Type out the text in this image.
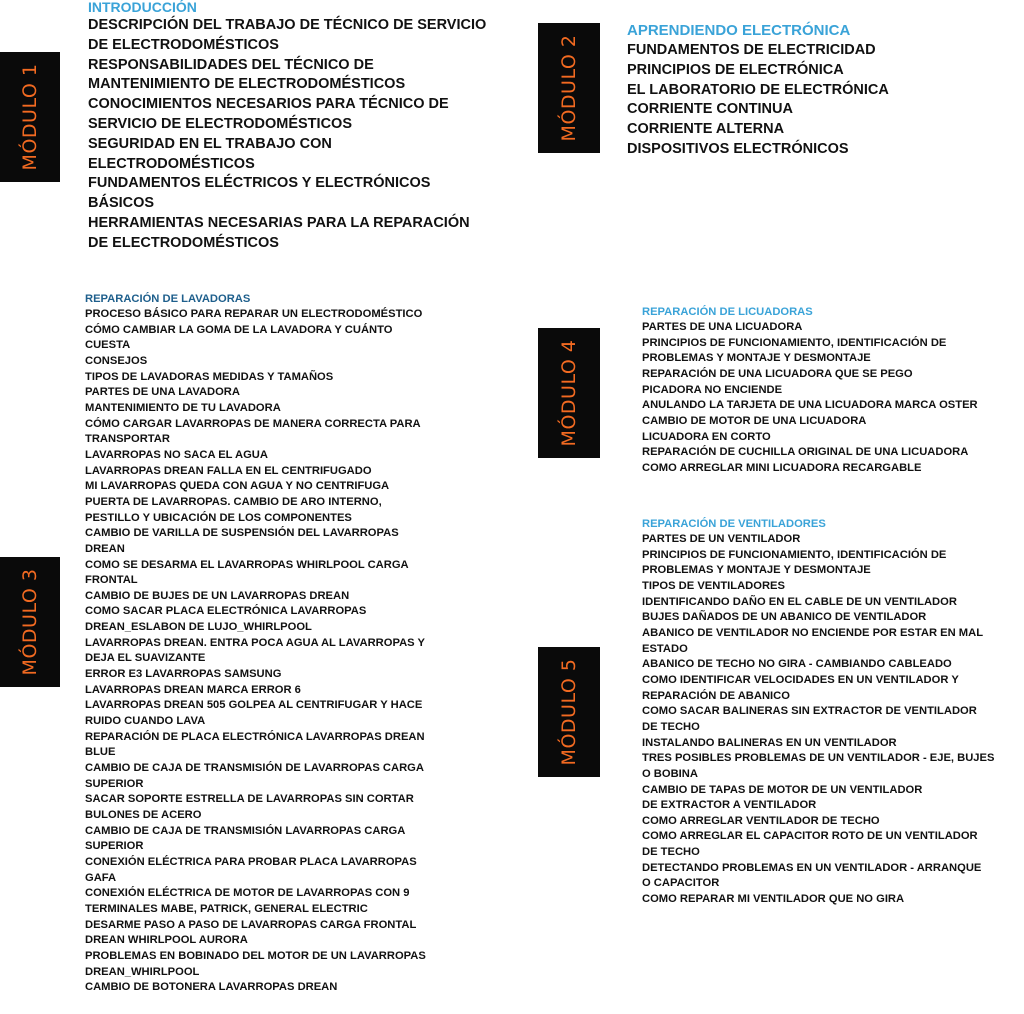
MÓDULO 1	MÓDULO 2
MÓDULO 3
MÓDULO 4
MÓDULO 5
INTRODUCCIÓN
DESCRIPCIÓN DEL TRABAJO DE TÉCNICO DE SERVICIO
DE ELECTRODOMÉSTICOS
RESPONSABILIDADES DEL TÉCNICO DE
MANTENIMIENTO DE ELECTRODOMÉSTICOS
CONOCIMIENTOS NECESARIOS PARA TÉCNICO DE
SERVICIO DE ELECTRODOMÉSTICOS
SEGURIDAD EN EL TRABAJO CON
ELECTRODOMÉSTICOS
FUNDAMENTOS ELÉCTRICOS Y ELECTRÓNICOS
BÁSICOS
HERRAMIENTAS NECESARIAS PARA LA REPARACIÓN
DE ELECTRODOMÉSTICOS
APRENDIENDO ELECTRÓNICA
FUNDAMENTOS DE ELECTRICIDAD
PRINCIPIOS DE ELECTRÓNICA
EL LABORATORIO DE ELECTRÓNICA
CORRIENTE CONTINUA
CORRIENTE ALTERNA
DISPOSITIVOS ELECTRÓNICOS
REPARACIÓN DE LAVADORAS
PROCESO BÁSICO PARA REPARAR UN ELECTRODOMÉSTICO
CÓMO CAMBIAR LA GOMA DE LA LAVADORA Y CUÁNTO
CUESTA
CONSEJOS
TIPOS DE LAVADORAS MEDIDAS Y TAMAÑOS
PARTES DE UNA LAVADORA
MANTENIMIENTO DE TU LAVADORA
CÓMO CARGAR LAVARROPAS DE MANERA CORRECTA PARA
TRANSPORTAR
LAVARROPAS NO SACA EL AGUA
LAVARROPAS DREAN FALLA EN EL CENTRIFUGADO
MI LAVARROPAS QUEDA CON AGUA Y NO CENTRIFUGA
PUERTA DE LAVARROPAS. CAMBIO DE ARO INTERNO,
PESTILLO Y UBICACIÓN DE LOS COMPONENTES
CAMBIO DE VARILLA DE SUSPENSIÓN DEL LAVARROPAS
DREAN
COMO SE DESARMA EL LAVARROPAS WHIRLPOOL CARGA
FRONTAL
CAMBIO DE BUJES DE UN LAVARROPAS DREAN
COMO SACAR PLACA ELECTRÓNICA LAVARROPAS
DREAN_ESLABON DE LUJO_WHIRLPOOL
LAVARROPAS DREAN. ENTRA POCA AGUA AL LAVARROPAS Y
DEJA EL SUAVIZANTE
ERROR E3 LAVARROPAS SAMSUNG
LAVARROPAS DREAN MARCA ERROR 6
LAVARROPAS DREAN 505 GOLPEA AL CENTRIFUGAR Y HACE
RUIDO CUANDO LAVA
REPARACIÓN DE PLACA ELECTRÓNICA LAVARROPAS DREAN
BLUE
CAMBIO DE CAJA DE TRANSMISIÓN DE LAVARROPAS CARGA
SUPERIOR
SACAR SOPORTE ESTRELLA DE LAVARROPAS SIN CORTAR
BULONES DE ACERO
CAMBIO DE CAJA DE TRANSMISIÓN LAVARROPAS CARGA
SUPERIOR
CONEXIÓN ELÉCTRICA PARA PROBAR PLACA LAVARROPAS
GAFA
CONEXIÓN ELÉCTRICA DE MOTOR DE LAVARROPAS CON 9
TERMINALES MABE, PATRICK, GENERAL ELECTRIC
DESARME PASO A PASO DE LAVARROPAS CARGA FRONTAL
DREAN WHIRLPOOL AURORA
PROBLEMAS EN BOBINADO DEL MOTOR DE UN LAVARROPAS
DREAN_WHIRLPOOL
CAMBIO DE BOTONERA LAVARROPAS DREAN
REPARACIÓN DE LICUADORAS
PARTES DE UNA LICUADORA
PRINCIPIOS DE FUNCIONAMIENTO, IDENTIFICACIÓN DE
PROBLEMAS Y MONTAJE Y DESMONTAJE
REPARACIÓN DE UNA LICUADORA QUE SE PEGO
PICADORA NO ENCIENDE
ANULANDO LA TARJETA DE UNA LICUADORA MARCA OSTER
CAMBIO DE MOTOR DE UNA LICUADORA
LICUADORA EN CORTO
REPARACIÓN DE CUCHILLA ORIGINAL DE UNA LICUADORA
COMO ARREGLAR MINI LICUADORA RECARGABLE
REPARACIÓN DE VENTILADORES
PARTES DE UN VENTILADOR
PRINCIPIOS DE FUNCIONAMIENTO, IDENTIFICACIÓN DE
PROBLEMAS Y MONTAJE Y DESMONTAJE
TIPOS DE VENTILADORES
IDENTIFICANDO DAÑO EN EL CABLE DE UN VENTILADOR
BUJES DAÑADOS DE UN ABANICO DE VENTILADOR
ABANICO DE VENTILADOR NO ENCIENDE POR ESTAR EN MAL
ESTADO
ABANICO DE TECHO NO GIRA - CAMBIANDO CABLEADO
COMO IDENTIFICAR VELOCIDADES EN UN VENTILADOR Y
REPARACIÓN DE ABANICO
COMO SACAR BALINERAS SIN EXTRACTOR DE VENTILADOR
DE TECHO
INSTALANDO BALINERAS EN UN VENTILADOR
TRES POSIBLES PROBLEMAS DE UN VENTILADOR - EJE, BUJES
O BOBINA
CAMBIO DE TAPAS DE MOTOR DE UN VENTILADOR
DE EXTRACTOR A VENTILADOR
COMO ARREGLAR VENTILADOR DE TECHO
COMO ARREGLAR EL CAPACITOR ROTO DE UN VENTILADOR
DE TECHO
DETECTANDO PROBLEMAS EN UN VENTILADOR - ARRANQUE
O CAPACITOR
COMO REPARAR MI VENTILADOR QUE NO GIRA
